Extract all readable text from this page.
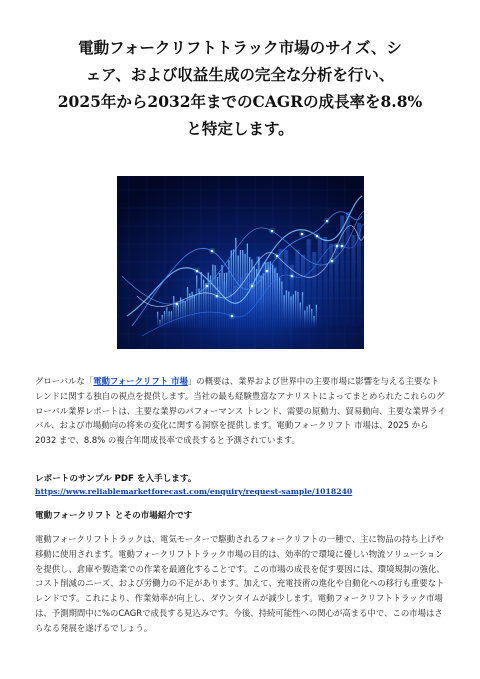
電動フォークリフトトラック市場のサイズ、シ
ェア、および収益生成の完全な分析を行い、
2025年から2032年までのCAGRの成長率を8.8%
と特定します。

グローバルな「電動フォークリフト 市場」の概要は、業界および世界中の主要市場に影響を与える主要なトレンドに関する独自の視点を提供します。当社の最も経験豊富なアナリストによってまとめられたこれらのグローバル業界レポートは、主要な業界のパフォーマンス トレンド、需要の原動力、貿易動向、主要な業界ライバル、および市場動向の将来の変化に関する洞察を提供します。電動フォークリフト 市場は、2025 から 2032 まで、8.8% の複合年間成長率で成長すると予測されています。

レポートのサンプル PDF を入手します。

https://www.reliablemarketforecast.com/enquiry/request-sample/1018240

電動フォークリフト とその市場紹介です

電動フォークリフトトラックは、電気モーターで駆動されるフォークリフトの一種で、主に物品の持ち上げや移動に使用されます。電動フォークリフトトラック市場の目的は、効率的で環境に優しい物流ソリューションを提供し、倉庫や製造業での作業を最適化することです。この市場の成長を促す要因には、環境規制の強化、コスト削減のニーズ、および労働力の不足があります。加えて、充電技術の進化や自動化への移行も重要なトレンドです。これにより、作業効率が向上し、ダウンタイムが減少します。電動フォークリフトトラック市場は、予測期間中に%のCAGRで成長する見込みです。今後、持続可能性への関心が高まる中で、この市場はさらなる発展を遂げるでしょう。
